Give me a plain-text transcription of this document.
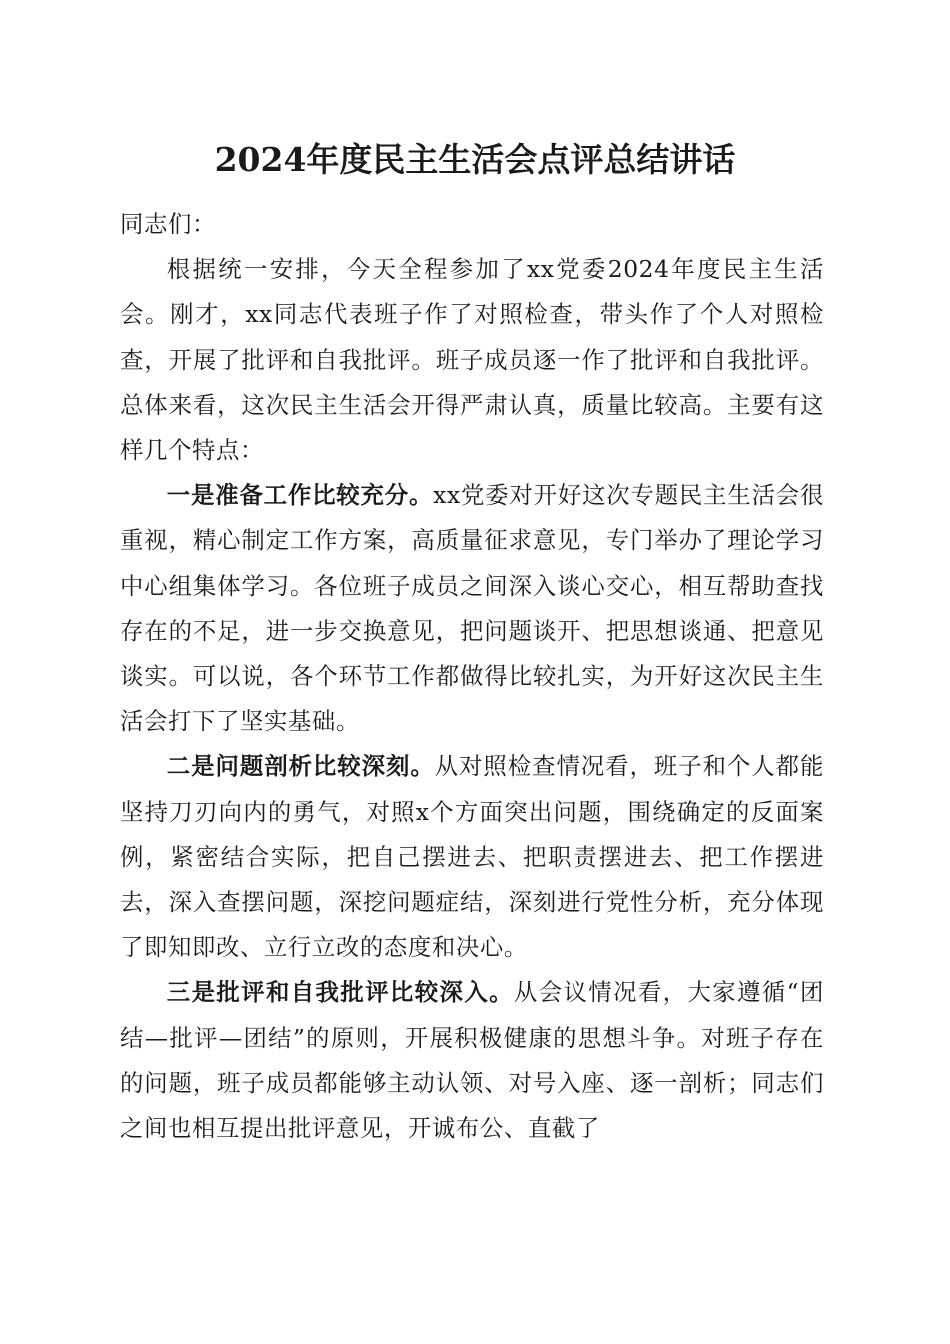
2024年度民主生活会点评总结讲话

同志们：

根据统一安排，今天全程参加了xx党委2024年度民主生活会。刚才，xx同志代表班子作了对照检查，带头作了个人对照检查，开展了批评和自我批评。班子成员逐一作了批评和自我批评。总体来看，这次民主生活会开得严肃认真，质量比较高。主要有这样几个特点：

一是准备工作比较充分。xx党委对开好这次专题民主生活会很重视，精心制定工作方案，高质量征求意见，专门举办了理论学习中心组集体学习。各位班子成员之间深入谈心交心，相互帮助查找存在的不足，进一步交换意见，把问题谈开、把思想谈通、把意见谈实。可以说，各个环节工作都做得比较扎实，为开好这次民主生活会打下了坚实基础。

二是问题剖析比较深刻。从对照检查情况看，班子和个人都能坚持刀刃向内的勇气，对照x个方面突出问题，围绕确定的反面案例，紧密结合实际，把自己摆进去、把职责摆进去、把工作摆进去，深入查摆问题，深挖问题症结，深刻进行党性分析，充分体现了即知即改、立行立改的态度和决心。

三是批评和自我批评比较深入。从会议情况看，大家遵循“团结—批评—团结”的原则，开展积极健康的思想斗争。对班子存在的问题，班子成员都能够主动认领、对号入座、逐一剖析；同志们之间也相互提出批评意见，开诚布公、直截了
